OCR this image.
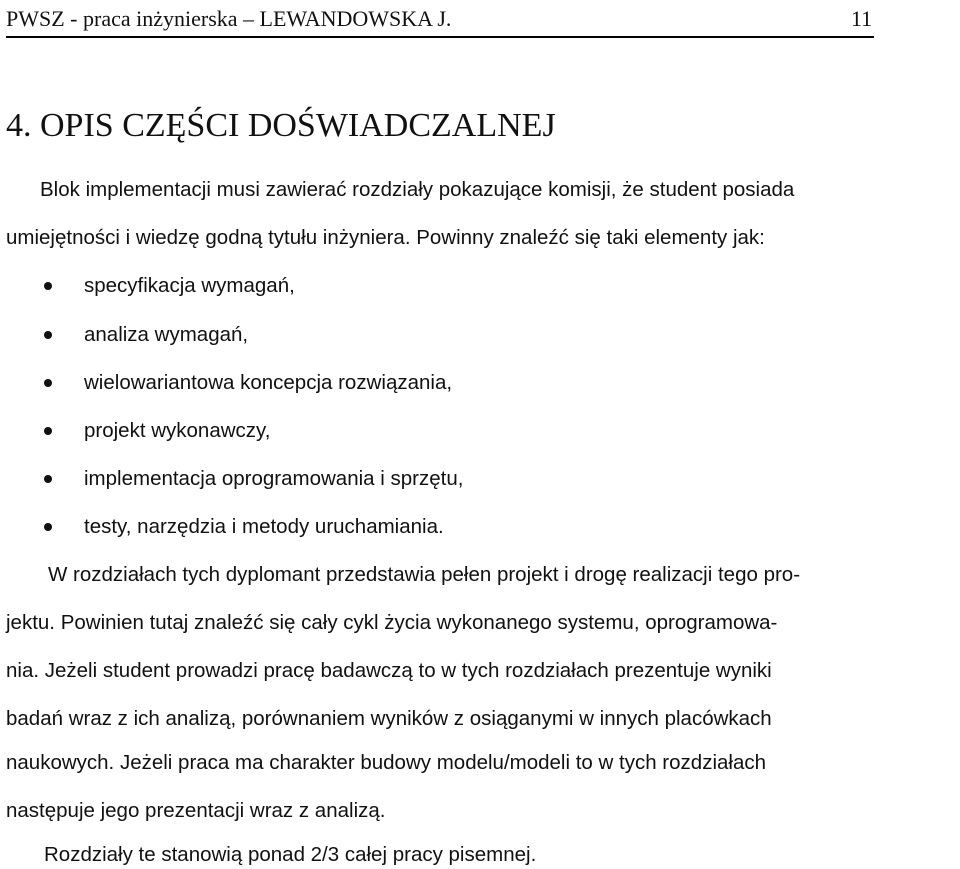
PWSZ - praca inżynierska – LEWANDOWSKA J.	11
4. OPIS CZĘŚCI DOŚWIADCZALNEJ
Blok implementacji musi zawierać rozdziały pokazujące komisji, że student posiada
umiejętności i wiedzę godną tytułu inżyniera. Powinny znaleźć się taki elementy jak:
specyfikacja wymagań,
analiza wymagań,
wielowariantowa koncepcja rozwiązania,
projekt wykonawczy,
implementacja oprogramowania i sprzętu,
testy, narzędzia i metody uruchamiania.
W rozdziałach tych dyplomant przedstawia pełen projekt i drogę realizacji tego pro-
jektu. Powinien tutaj znaleźć się cały cykl życia wykonanego systemu, oprogramowa-
nia. Jeżeli student prowadzi pracę badawczą to w tych rozdziałach prezentuje wyniki
badań wraz z ich analizą, porównaniem wyników z osiąganymi w innych placówkach
naukowych. Jeżeli praca ma charakter budowy modelu/modeli to w tych rozdziałach
następuje jego prezentacji wraz z analizą.
Rozdziały te stanowią ponad 2/3 całej pracy pisemnej.
